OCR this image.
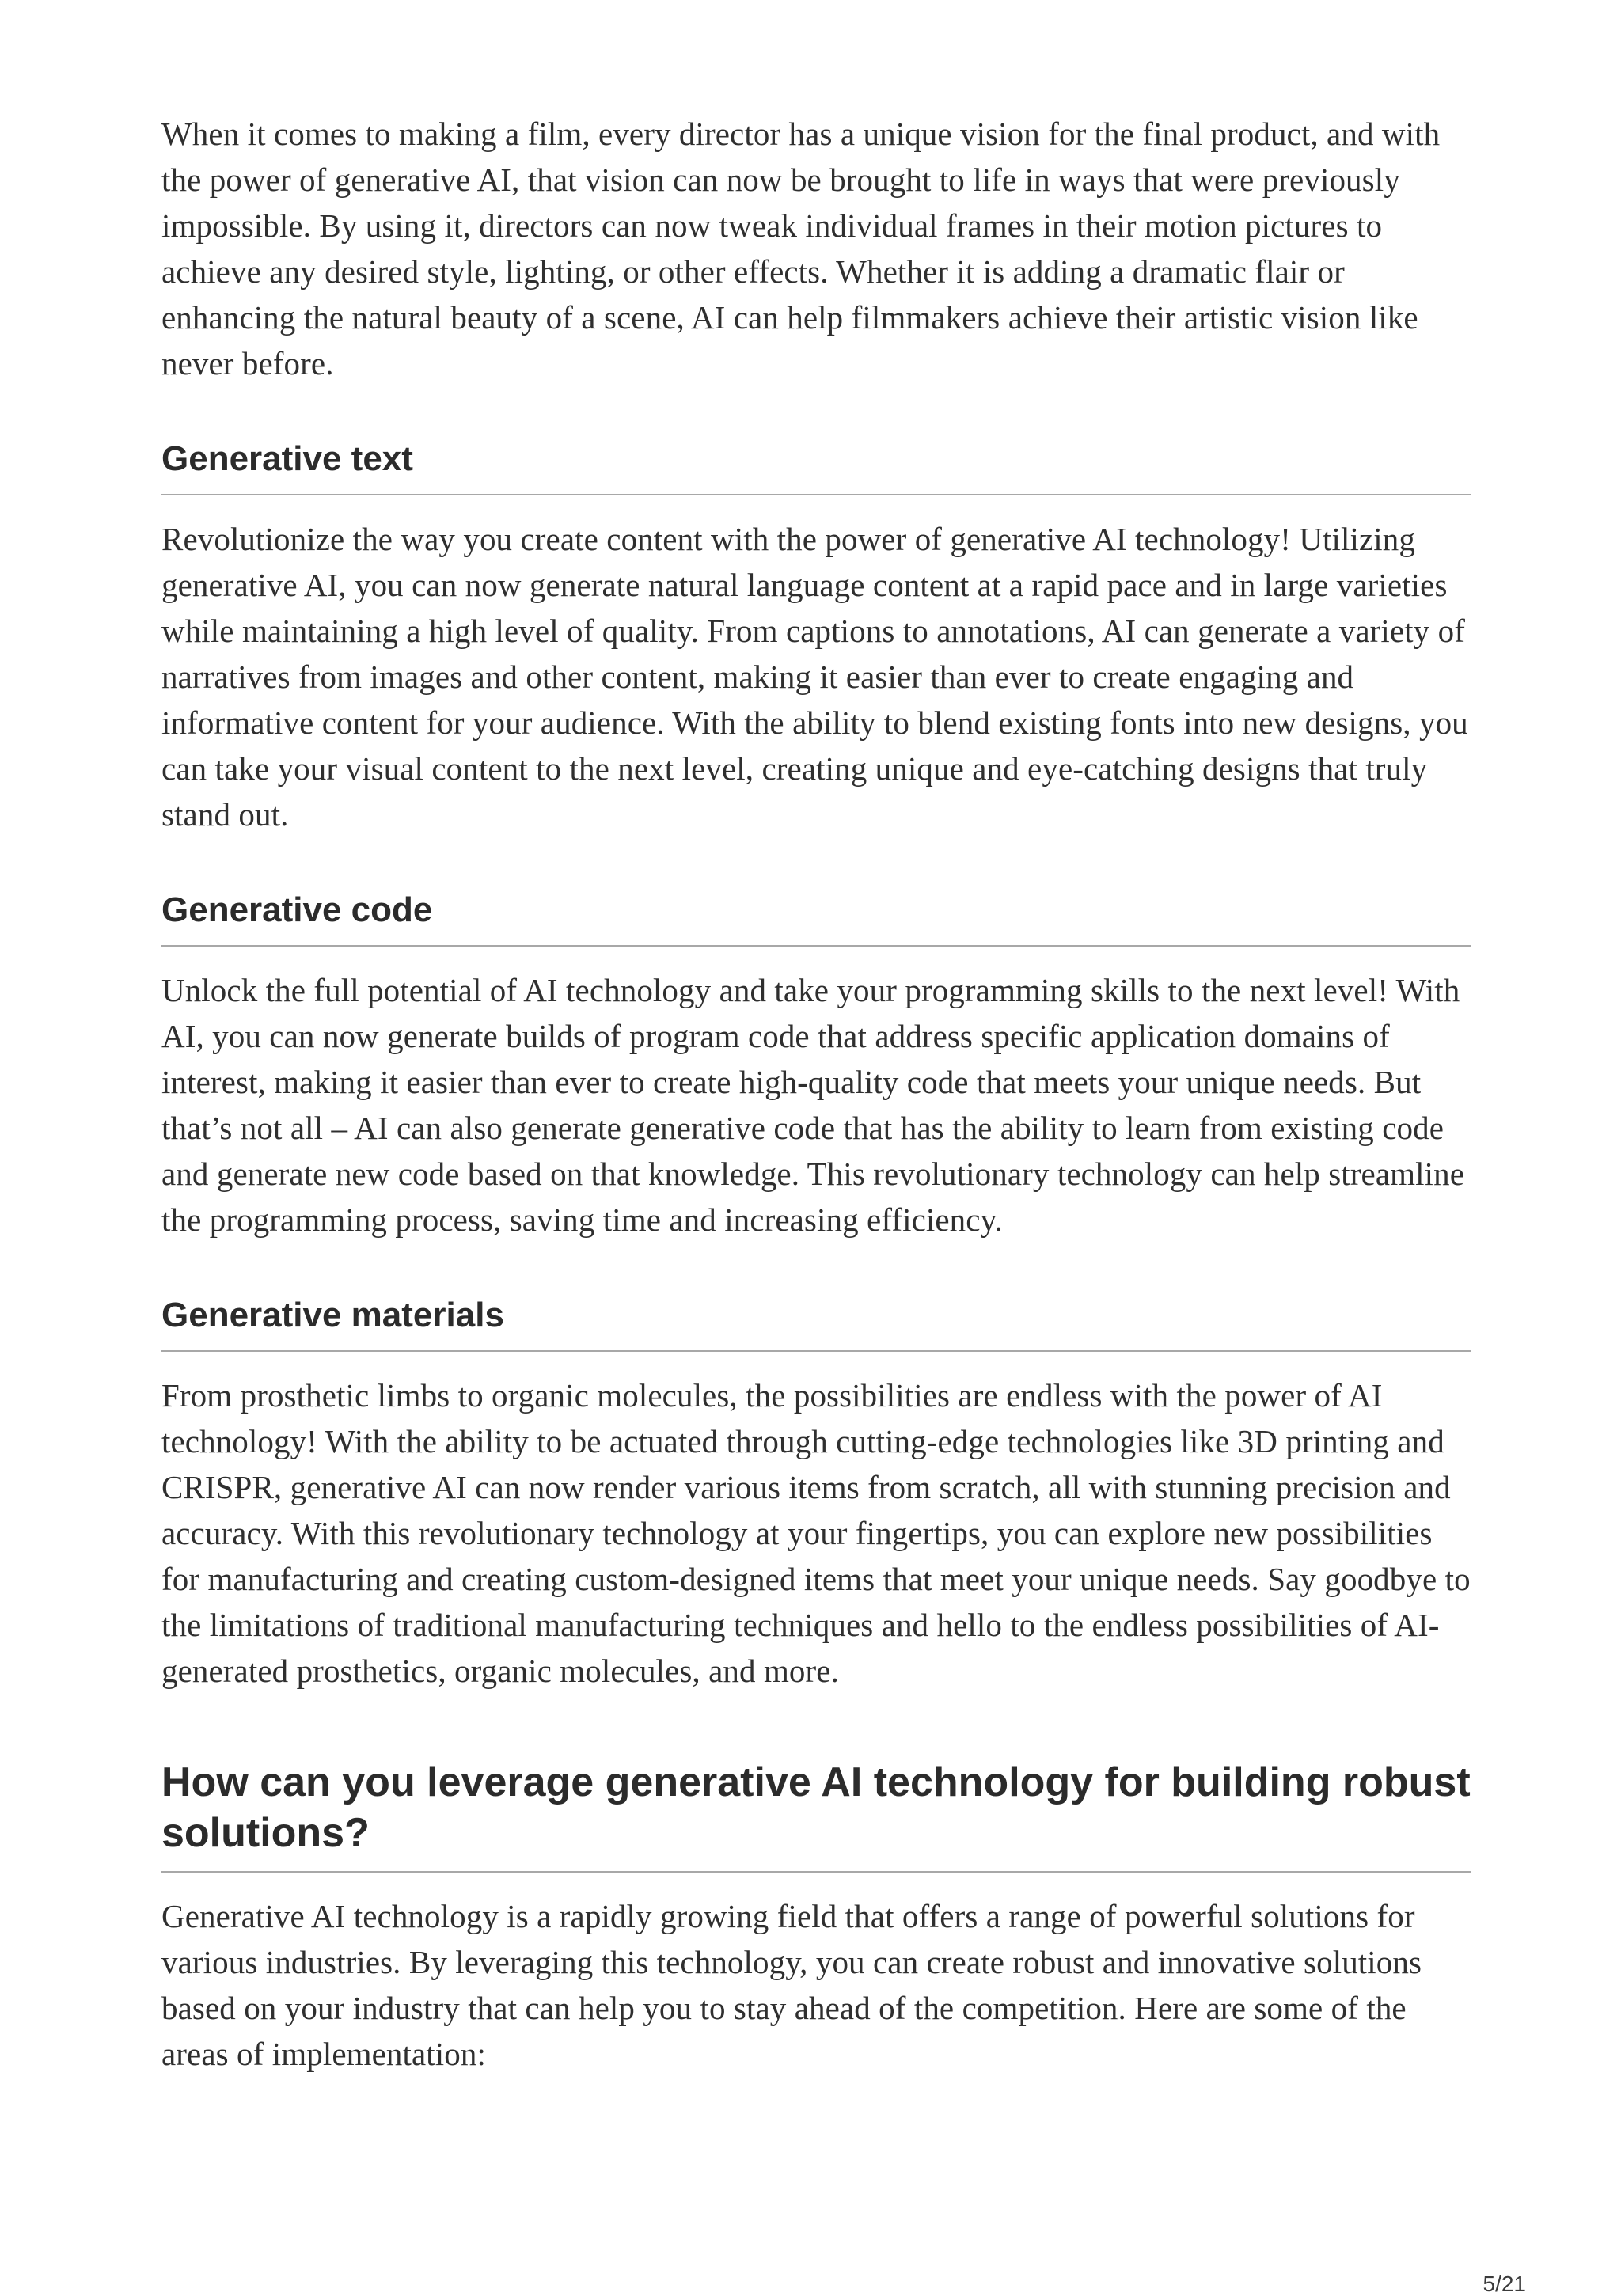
When it comes to making a film, every director has a unique vision for the final product, and with the power of generative AI, that vision can now be brought to life in ways that were previously impossible. By using it, directors can now tweak individual frames in their motion pictures to achieve any desired style, lighting, or other effects. Whether it is adding a dramatic flair or enhancing the natural beauty of a scene, AI can help filmmakers achieve their artistic vision like never before.

Generative text

Revolutionize the way you create content with the power of generative AI technology! Utilizing generative AI, you can now generate natural language content at a rapid pace and in large varieties while maintaining a high level of quality. From captions to annotations, AI can generate a variety of narratives from images and other content, making it easier than ever to create engaging and informative content for your audience. With the ability to blend existing fonts into new designs, you can take your visual content to the next level, creating unique and eye-catching designs that truly stand out.

Generative code

Unlock the full potential of AI technology and take your programming skills to the next level! With AI, you can now generate builds of program code that address specific application domains of interest, making it easier than ever to create high-quality code that meets your unique needs. But that’s not all – AI can also generate generative code that has the ability to learn from existing code and generate new code based on that knowledge. This revolutionary technology can help streamline the programming process, saving time and increasing efficiency.

Generative materials

From prosthetic limbs to organic molecules, the possibilities are endless with the power of AI technology! With the ability to be actuated through cutting-edge technologies like 3D printing and CRISPR, generative AI can now render various items from scratch, all with stunning precision and accuracy. With this revolutionary technology at your fingertips, you can explore new possibilities for manufacturing and creating custom-designed items that meet your unique needs. Say goodbye to the limitations of traditional manufacturing techniques and hello to the endless possibilities of AI-generated prosthetics, organic molecules, and more.

How can you leverage generative AI technology for building robust solutions?

Generative AI technology is a rapidly growing field that offers a range of powerful solutions for various industries. By leveraging this technology, you can create robust and innovative solutions based on your industry that can help you to stay ahead of the competition. Here are some of the areas of implementation:

5/21
